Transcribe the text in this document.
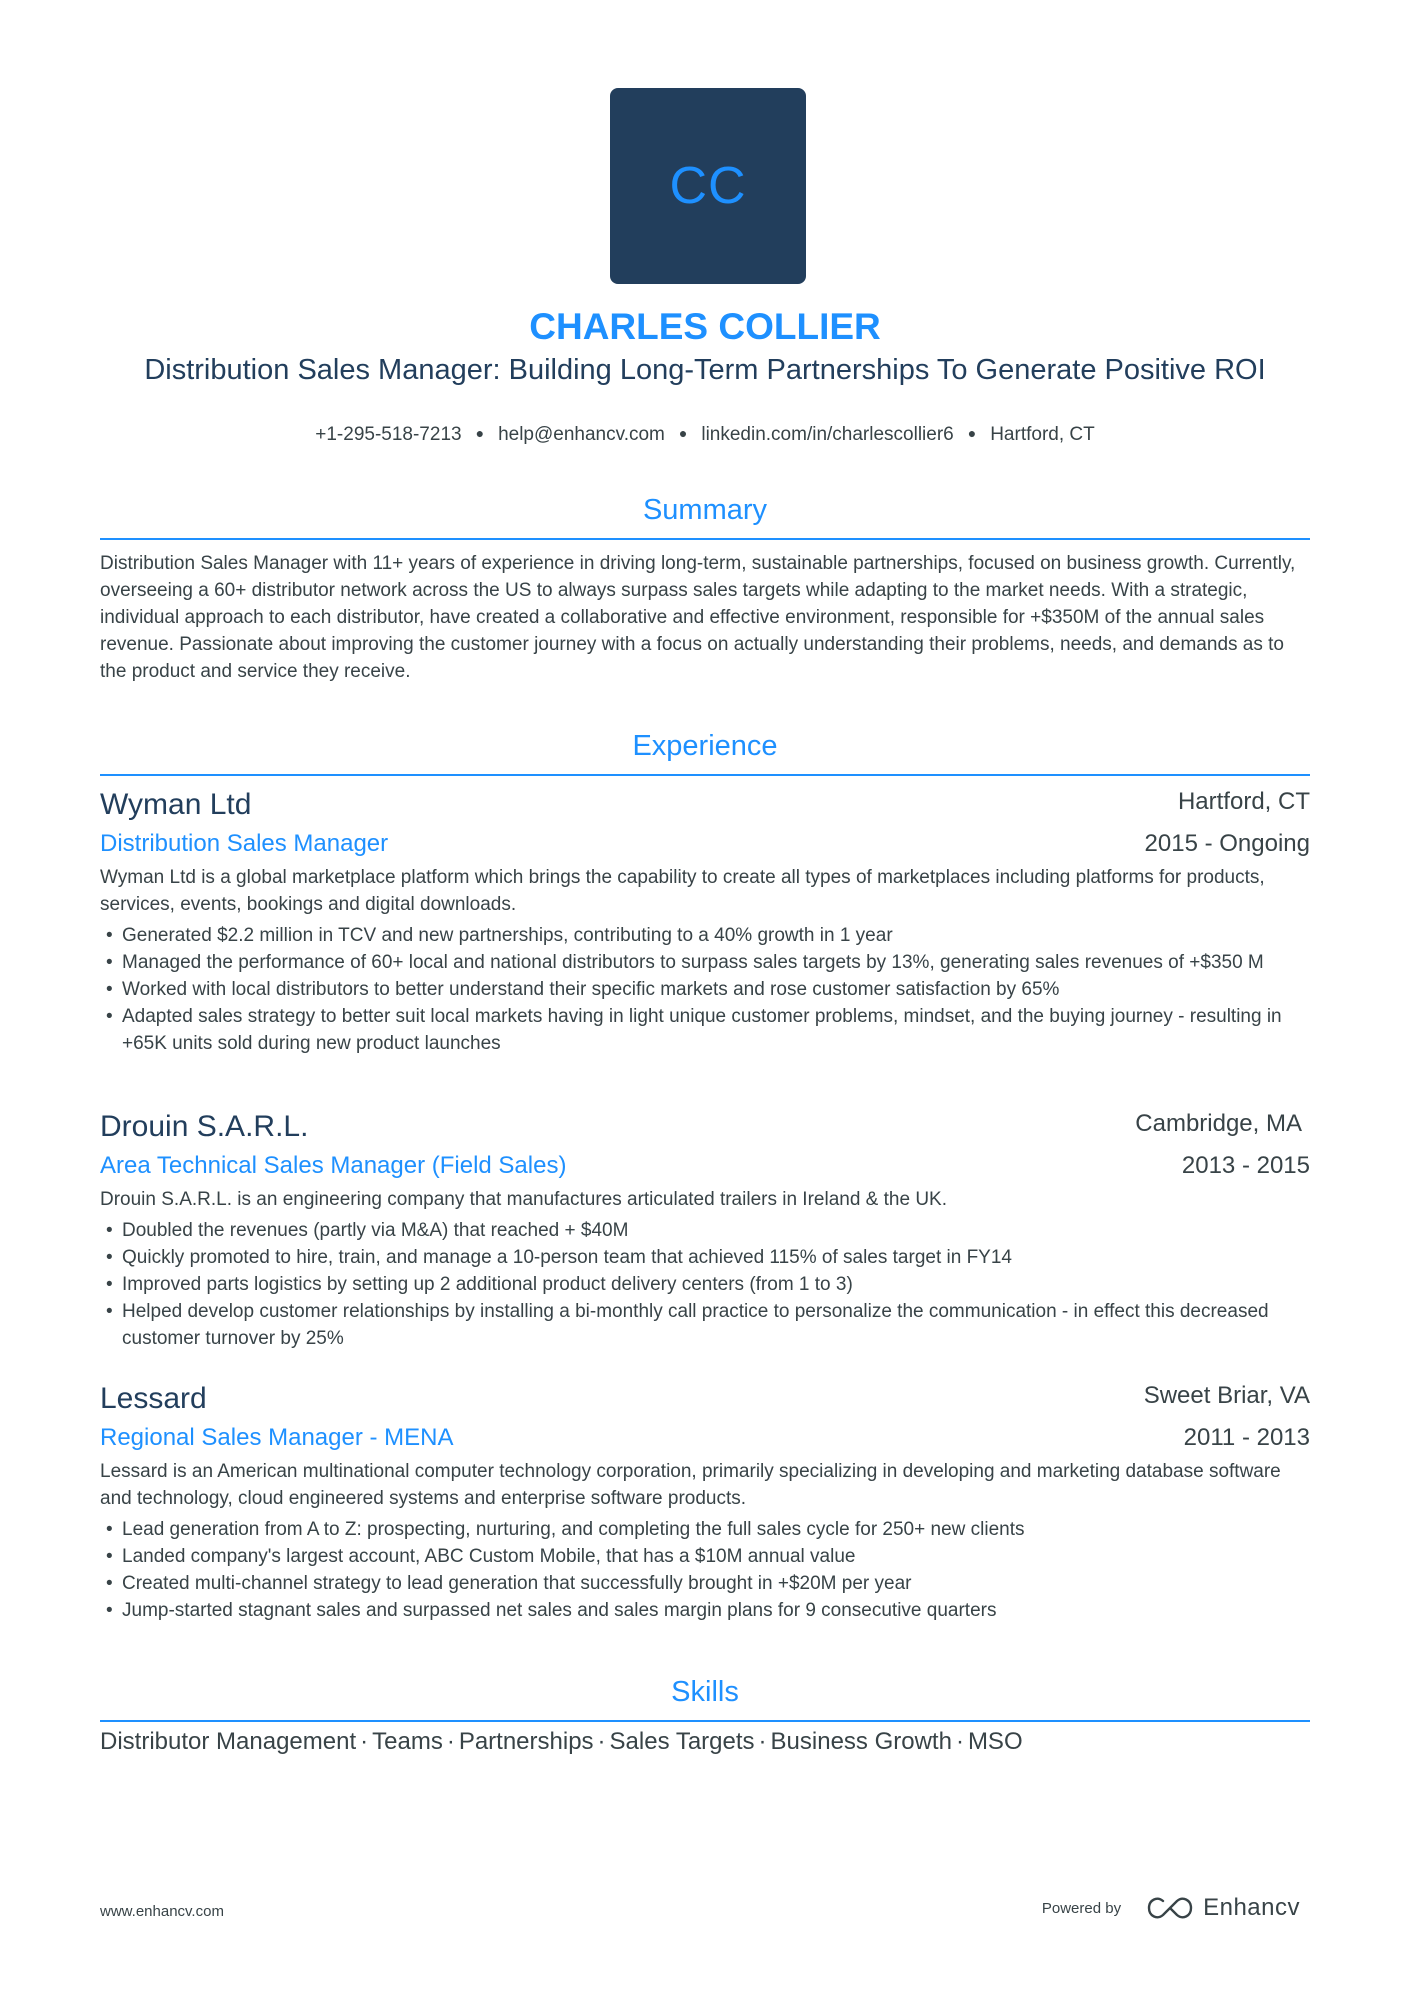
CC
CHARLES COLLIER
Distribution Sales Manager: Building Long-Term Partnerships To Generate Positive ROI
+1-295-518-7213 ● help@enhancv.com ● linkedin.com/in/charlescollier6 ● Hartford, CT
Summary
Distribution Sales Manager with 11+ years of experience in driving long-term, sustainable partnerships, focused on business growth. Currently, overseeing a 60+ distributor network across the US to always surpass sales targets while adapting to the market needs. With a strategic, individual approach to each distributor, have created a collaborative and effective environment, responsible for +$350M of the annual sales revenue. Passionate about improving the customer journey with a focus on actually understanding their problems, needs, and demands as to the product and service they receive.
Experience
Wyman Ltd	Hartford, CT
Distribution Sales Manager	2015 - Ongoing
Wyman Ltd is a global marketplace platform which brings the capability to create all types of marketplaces including platforms for products, services, events, bookings and digital downloads.
• Generated $2.2 million in TCV and new partnerships, contributing to a 40% growth in 1 year
• Managed the performance of 60+ local and national distributors to surpass sales targets by 13%, generating sales revenues of +$350 M
• Worked with local distributors to better understand their specific markets and rose customer satisfaction by 65%
• Adapted sales strategy to better suit local markets having in light unique customer problems, mindset, and the buying journey - resulting in +65K units sold during new product launches
Drouin S.A.R.L.	Cambridge, MA
Area Technical Sales Manager (Field Sales)	2013 - 2015
Drouin S.A.R.L. is an engineering company that manufactures articulated trailers in Ireland & the UK.
• Doubled the revenues (partly via M&A) that reached + $40M
• Quickly promoted to hire, train, and manage a 10-person team that achieved 115% of sales target in FY14
• Improved parts logistics by setting up 2 additional product delivery centers (from 1 to 3)
• Helped develop customer relationships by installing a bi-monthly call practice to personalize the communication - in effect this decreased customer turnover by 25%
Lessard	Sweet Briar, VA
Regional Sales Manager - MENA	2011 - 2013
Lessard is an American multinational computer technology corporation, primarily specializing in developing and marketing database software and technology, cloud engineered systems and enterprise software products.
• Lead generation from A to Z: prospecting, nurturing, and completing the full sales cycle for 250+ new clients
• Landed company's largest account, ABC Custom Mobile, that has a $10M annual value
• Created multi-channel strategy to lead generation that successfully brought in +$20M per year
• Jump-started stagnant sales and surpassed net sales and sales margin plans for 9 consecutive quarters
Skills
Distributor Management · Teams · Partnerships · Sales Targets · Business Growth · MSO
www.enhancv.com	Powered by	Enhancv
